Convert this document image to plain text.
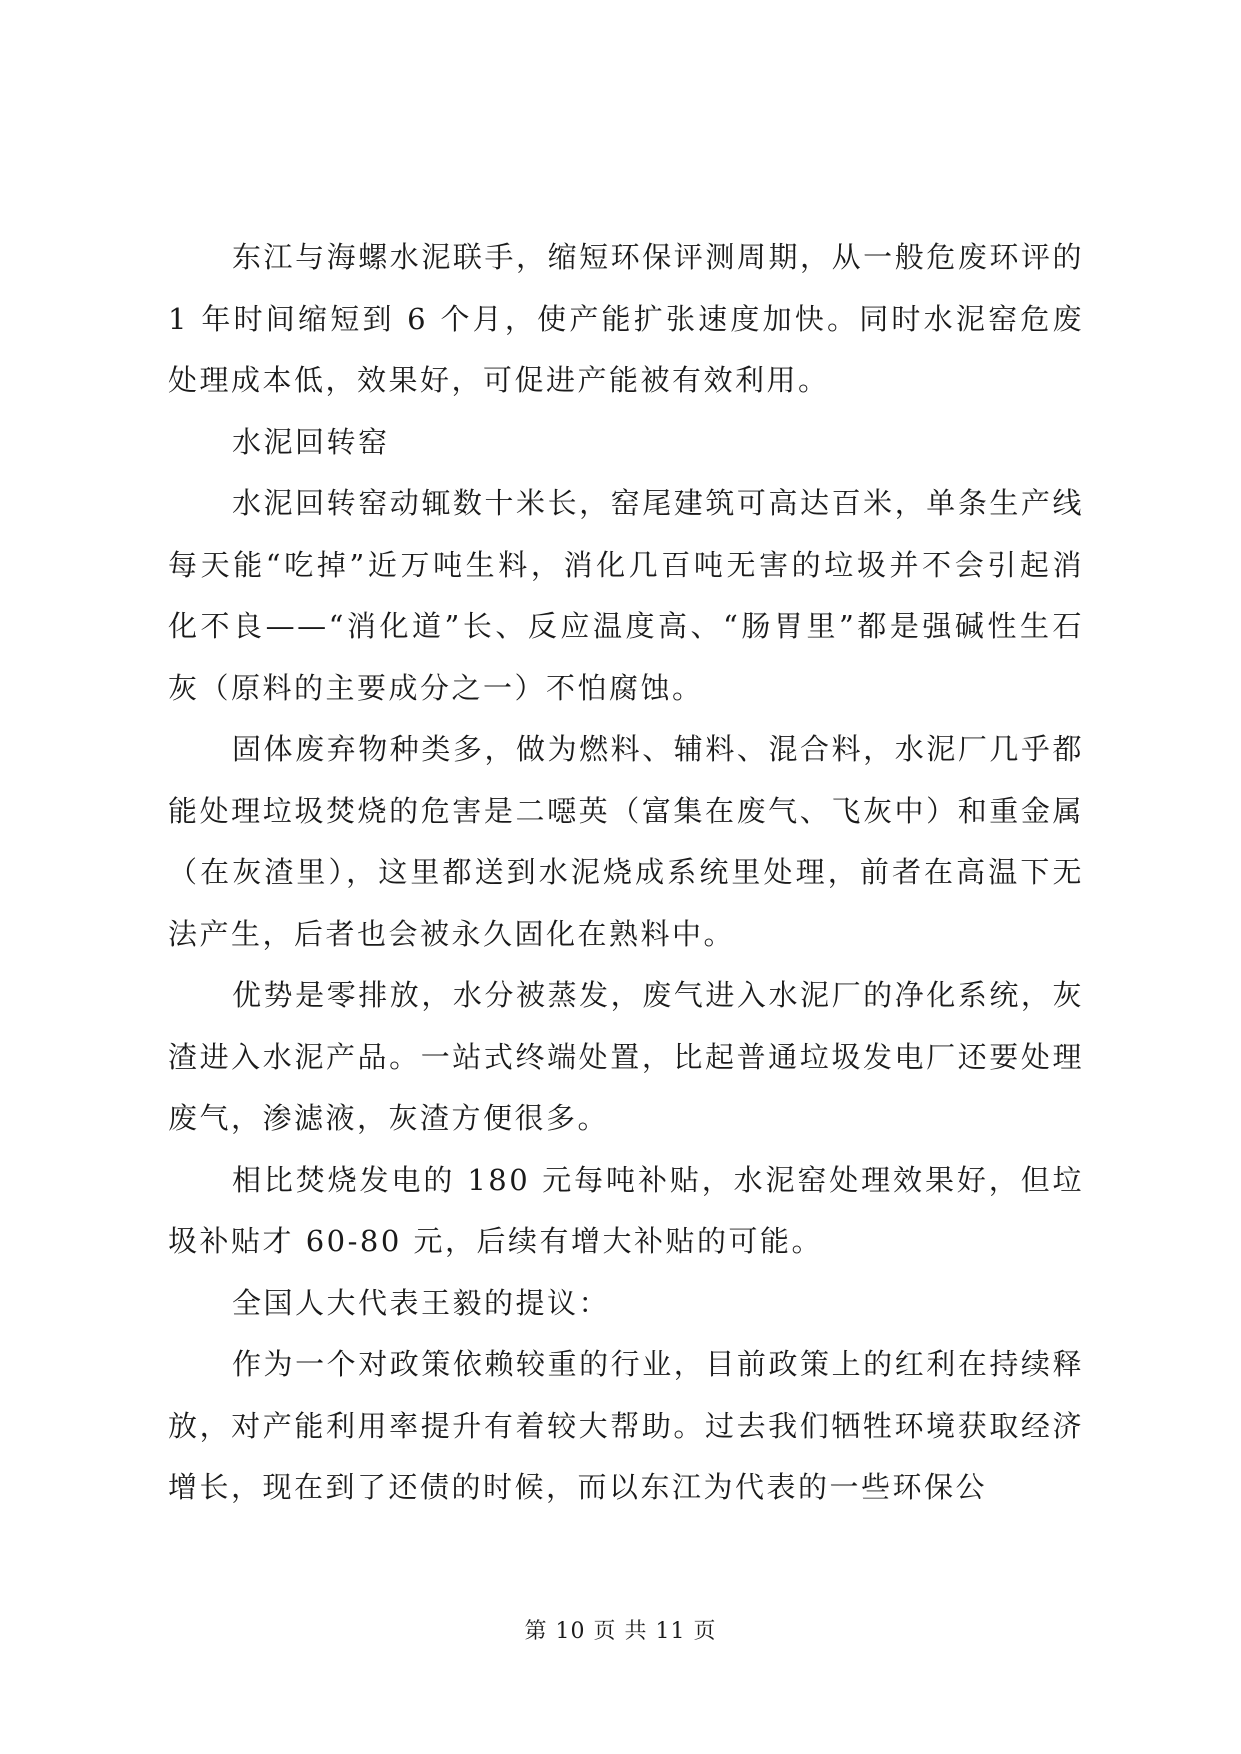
东江与海螺水泥联手，缩短环保评测周期，从一般危废环评的 1 年时间缩短到 6 个月，使产能扩张速度加快。同时水泥窑危废处理成本低，效果好，可促进产能被有效利用。

水泥回转窑

水泥回转窑动辄数十米长，窑尾建筑可高达百米，单条生产线每天能“吃掉”近万吨生料，消化几百吨无害的垃圾并不会引起消化不良——“消化道”长、反应温度高、“肠胃里”都是强碱性生石灰（原料的主要成分之一）不怕腐蚀。

固体废弃物种类多，做为燃料、辅料、混合料，水泥厂几乎都能处理垃圾焚烧的危害是二噁英（富集在废气、飞灰中）和重金属（在灰渣里），这里都送到水泥烧成系统里处理，前者在高温下无法产生，后者也会被永久固化在熟料中。

优势是零排放，水分被蒸发，废气进入水泥厂的净化系统，灰渣进入水泥产品。一站式终端处置，比起普通垃圾发电厂还要处理废气，渗滤液，灰渣方便很多。

相比焚烧发电的 180 元每吨补贴，水泥窑处理效果好，但垃圾补贴才 60-80 元，后续有增大补贴的可能。

全国人大代表王毅的提议：

作为一个对政策依赖较重的行业，目前政策上的红利在持续释放，对产能利用率提升有着较大帮助。过去我们牺牲环境获取经济增长，现在到了还债的时候，而以东江为代表的一些环保公

第 10 页 共 11 页
